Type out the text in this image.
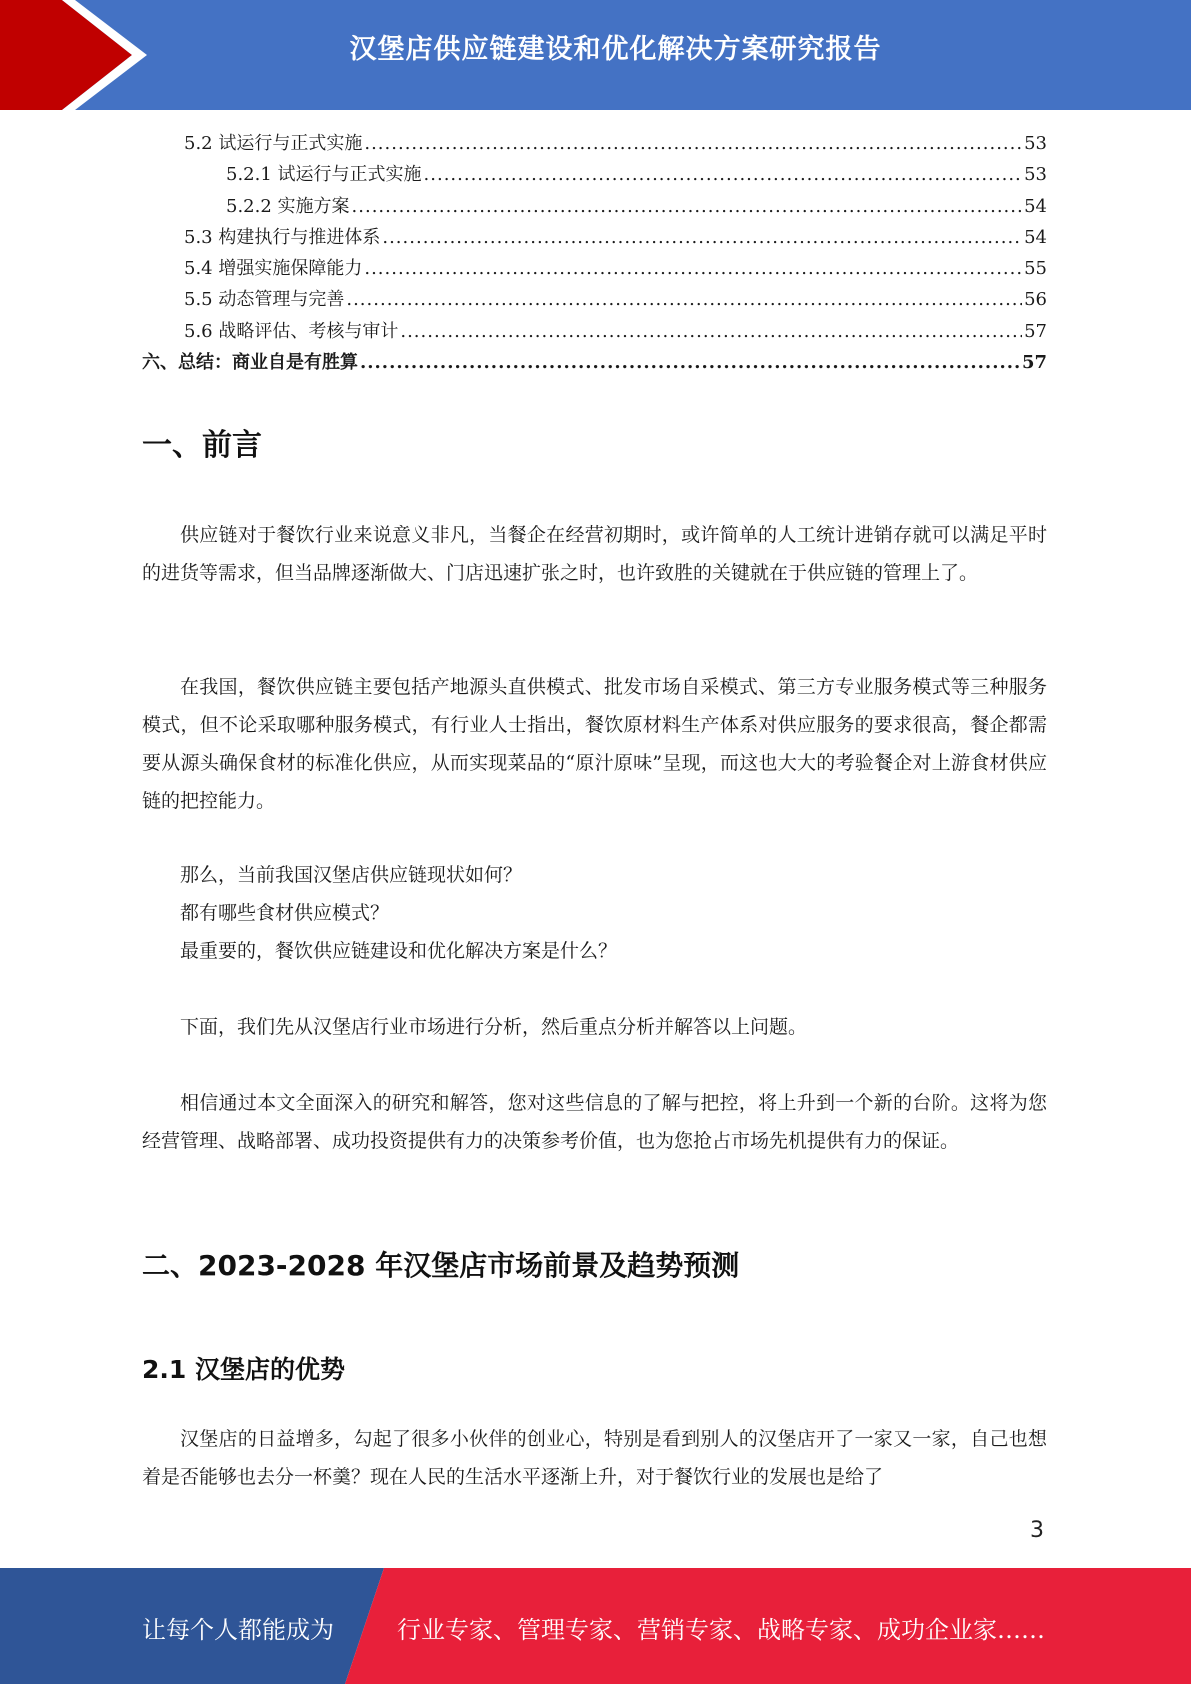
汉堡店供应链建设和优化解决方案研究报告
5.2 试运行与正式实施 .....	53
5.2.1 试运行与正式实施 .....	53
5.2.2 实施方案 .....	54
5.3 构建执行与推进体系 .....	54
5.4 增强实施保障能力 .....	55
5.5 动态管理与完善 .....	56
5.6 战略评估、考核与审计 .....	57
六、总结：商业自是有胜算 .....	57
一、前言
供应链对于餐饮行业来说意义非凡，当餐企在经营初期时，或许简单的人工统计进销存就可以满足平时的进货等需求，但当品牌逐渐做大、门店迅速扩张之时，也许致胜的关键就在于供应链的管理上了。
在我国，餐饮供应链主要包括产地源头直供模式、批发市场自采模式、第三方专业服务模式等三种服务模式，但不论采取哪种服务模式，有行业人士指出，餐饮原材料生产体系对供应服务的要求很高，餐企都需要从源头确保食材的标准化供应，从而实现菜品的“原汁原味”呈现，而这也大大的考验餐企对上游食材供应链的把控能力。
那么，当前我国汉堡店供应链现状如何？
都有哪些食材供应模式？
最重要的，餐饮供应链建设和优化解决方案是什么？
下面，我们先从汉堡店行业市场进行分析，然后重点分析并解答以上问题。
相信通过本文全面深入的研究和解答，您对这些信息的了解与把控，将上升到一个新的台阶。这将为您经营管理、战略部署、成功投资提供有力的决策参考价值，也为您抢占市场先机提供有力的保证。
二、2023-2028 年汉堡店市场前景及趋势预测
2.1 汉堡店的优势
汉堡店的日益增多，勾起了很多小伙伴的创业心，特别是看到别人的汉堡店开了一家又一家，自己也想着是否能够也去分一杯羹？现在人民的生活水平逐渐上升，对于餐饮行业的发展也是给了
3
让每个人都能成为	行业专家、管理专家、营销专家、战略专家、成功企业家……
